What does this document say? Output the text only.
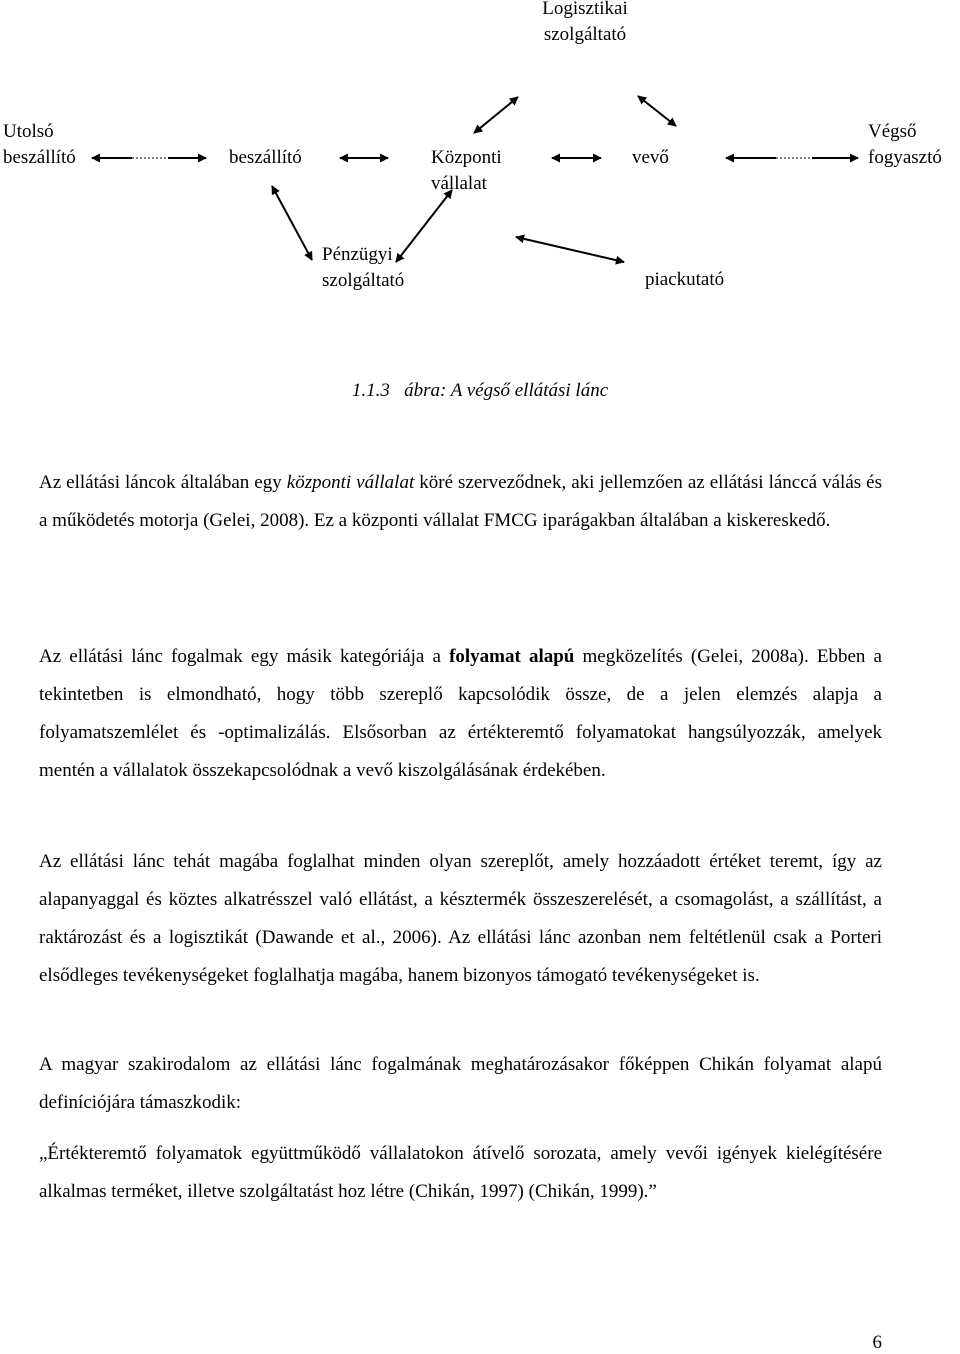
Logisztikai
szolgáltató
Utolsó
beszállító	beszállító	Központi
vállalat
vevő
Végső
fogyasztó
Pénzügyi
szolgáltató	piackutató
1.1.3   ábra: A végső ellátási lánc

Az ellátási láncok általában egy központi vállalat köré szerveződnek, aki jellemzően az ellátási lánccá válás és a működetés motorja (Gelei, 2008). Ez a központi vállalat FMCG iparágakban általában a kiskereskedő.

Az ellátási lánc fogalmak egy másik kategóriája a folyamat alapú megközelítés (Gelei, 2008a). Ebben a tekintetben is elmondható, hogy több szereplő kapcsolódik össze, de a jelen elemzés alapja a folyamatszemlélet és -optimalizálás. Elsősorban az értékteremtő folyamatokat hangsúlyozzák, amelyek mentén a vállalatok összekapcsolódnak a vevő kiszolgálásának érdekében.

Az ellátási lánc tehát magába foglalhat minden olyan szereplőt, amely hozzáadott értéket teremt, így az alapanyaggal és köztes alkatrésszel való ellátást, a késztermék összeszerelését, a csomagolást, a szállítást, a raktározást és a logisztikát (Dawande et al., 2006). Az ellátási lánc azonban nem feltétlenül csak a Porteri elsődleges tevékenységeket foglalhatja magába, hanem bizonyos támogató tevékenységeket is.

A magyar szakirodalom az ellátási lánc fogalmának meghatározásakor főképpen Chikán folyamat alapú definíciójára támaszkodik:

„Értékteremtő folyamatok együttműködő vállalatokon átívelő sorozata, amely vevői igények kielégítésére alkalmas terméket, illetve szolgáltatást hoz létre (Chikán, 1997) (Chikán, 1999).”

6
